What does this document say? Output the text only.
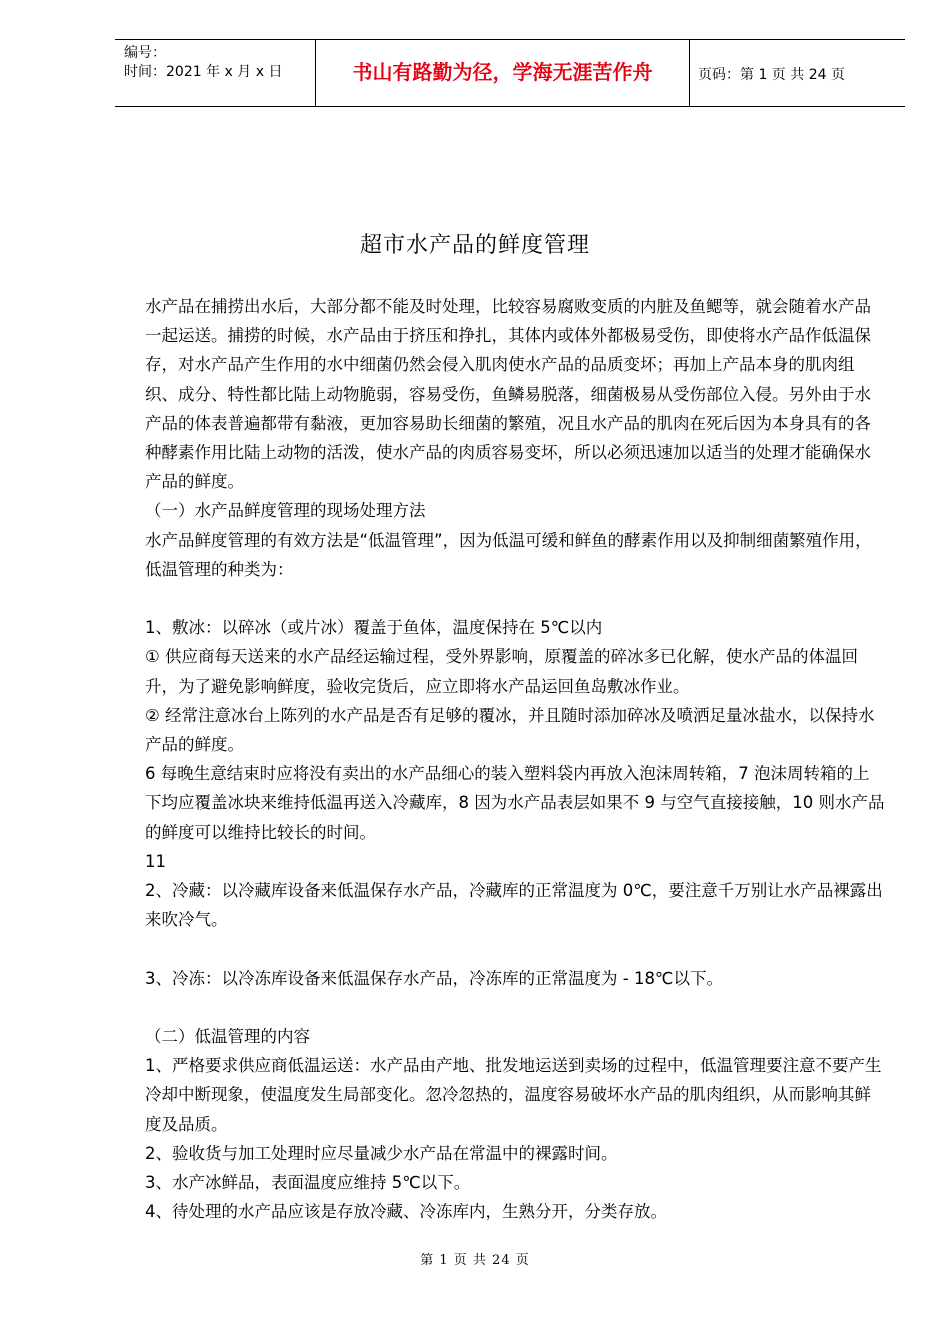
编号：
时间：2021 年 x 月 x 日	书山有路勤为径，学海无涯苦作舟	页码：第 1 页 共 24 页
超市水产品的鲜度管理

水产品在捕捞出水后，大部分都不能及时处理，比较容易腐败变质的内脏及鱼鳃等，就会随着水产品一起运送。捕捞的时候，水产品由于挤压和挣扎，其体内或体外都极易受伤，即使将水产品作低温保存，对水产品产生作用的水中细菌仍然会侵入肌肉使水产品的品质变坏；再加上产品本身的肌肉组织、成分、特性都比陆上动物脆弱，容易受伤，鱼鳞易脱落，细菌极易从受伤部位入侵。另外由于水产品的体表普遍都带有黏液，更加容易助长细菌的繁殖，况且水产品的肌肉在死后因为本身具有的各种酵素作用比陆上动物的活泼，使水产品的肉质容易变坏，所以必须迅速加以适当的处理才能确保水产品的鲜度。

（一）水产品鲜度管理的现场处理方法

水产品鲜度管理的有效方法是“低温管理”，因为低温可缓和鲜鱼的酵素作用以及抑制细菌繁殖作用，低温管理的种类为：

1、敷冰：以碎冰（或片冰）覆盖于鱼体，温度保持在 5℃以内

① 供应商每天送来的水产品经运输过程，受外界影响，原覆盖的碎冰多已化解，使水产品的体温回升，为了避免影响鲜度，验收完货后，应立即将水产品运回鱼岛敷冰作业。

② 经常注意冰台上陈列的水产品是否有足够的覆冰，并且随时添加碎冰及喷洒足量冰盐水，以保持水产品的鲜度。

6 每晚生意结束时应将没有卖出的水产品细心的装入塑料袋内再放入泡沫周转箱，7 泡沫周转箱的上下均应覆盖冰块来维持低温再送入冷藏库，8 因为水产品表层如果不 9 与空气直接接触，10 则水产品的鲜度可以维持比较长的时间。

11

2、冷藏：以冷藏库设备来低温保存水产品，冷藏库的正常温度为 0℃，要注意千万别让水产品裸露出来吹冷气。

3、冷冻：以冷冻库设备来低温保存水产品，冷冻库的正常温度为 - 18℃以下。

（二）低温管理的内容

1、严格要求供应商低温运送：水产品由产地、批发地运送到卖场的过程中，低温管理要注意不要产生冷却中断现象，使温度发生局部变化。忽冷忽热的，温度容易破坏水产品的肌肉组织，从而影响其鲜度及品质。

2、验收货与加工处理时应尽量减少水产品在常温中的裸露时间。

3、水产冰鲜品，表面温度应维持 5℃以下。

4、待处理的水产品应该是存放冷藏、冷冻库内，生熟分开，分类存放。

第 1 页 共 24 页
